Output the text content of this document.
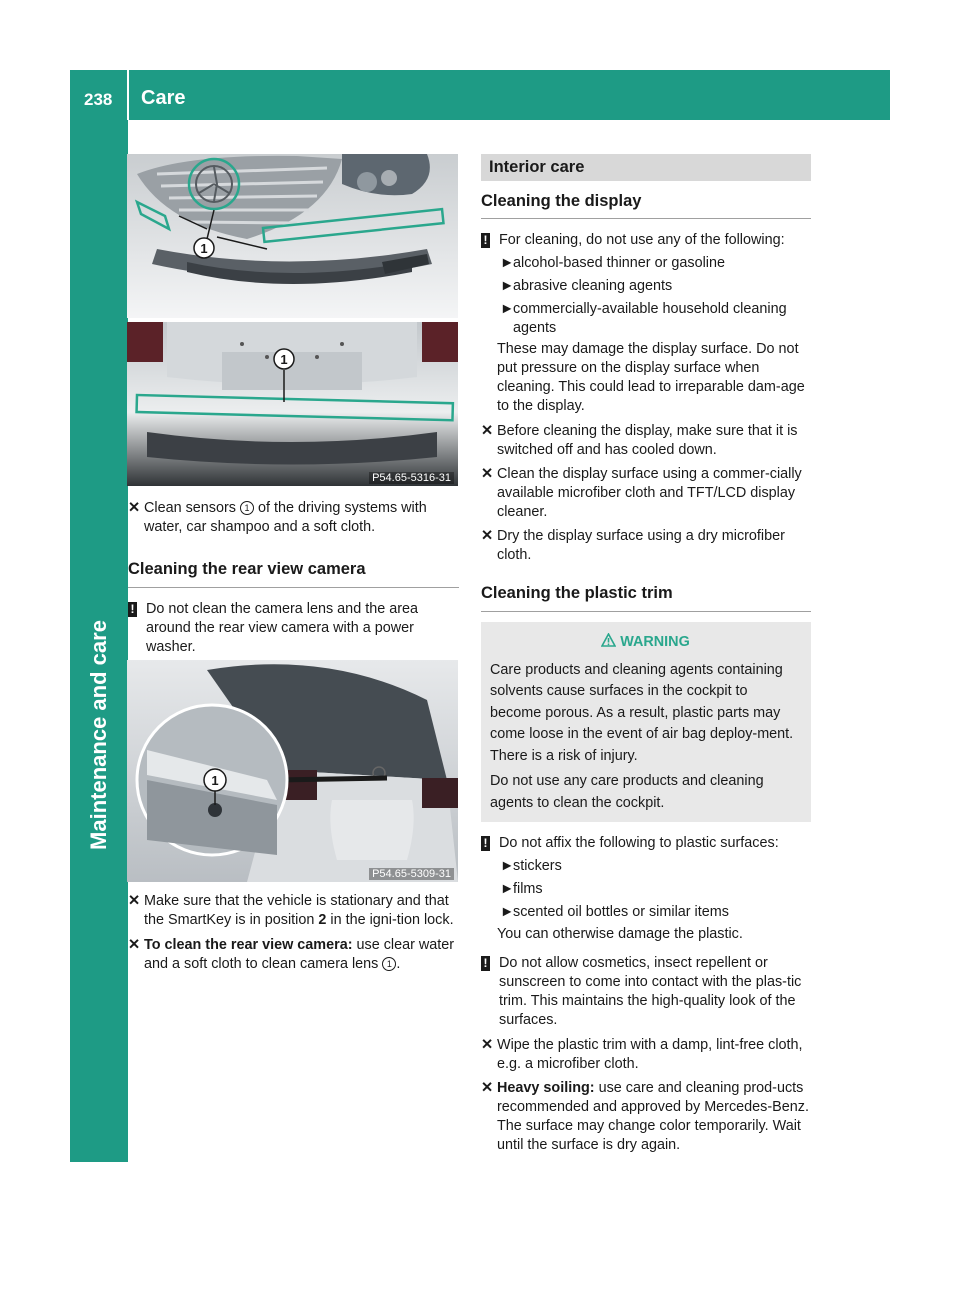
238 Care
Maintenance and care
1
1
P54.65-5316-31
✕ Clean sensors 1 of the driving systems with water, car shampoo and a soft cloth.
Cleaning the rear view camera
! Do not clean the camera lens and the area around the rear view camera with a power washer.
1
P54.65-5309-31
✕ Make sure that the vehicle is stationary and that the SmartKey is in position 2 in the igni-tion lock.
✕ To clean the rear view camera: use clear water and a soft cloth to clean camera lens 1 .
Interior care
Cleaning the display
! For cleaning, do not use any of the following:
►
alcohol-based thinner or gasoline
►
abrasive cleaning agents
►
commercially-available household cleaning agents

These may damage the display surface. Do not put pressure on the display surface when cleaning. This could lead to irreparable dam-age to the display.

✕ Before cleaning the display, make sure that it is switched off and has cooled down.
✕ Clean the display surface using a commer-cially available microfiber cloth and TFT/LCD display cleaner.
✕ Dry the display surface using a dry microfiber cloth.
Cleaning the plastic trim
WARNING

Care products and cleaning agents containing solvents cause surfaces in the cockpit to become porous. As a result, plastic parts may come loose in the event of air bag deploy-ment. There is a risk of injury.

Do not use any care products and cleaning agents to clean the cockpit.

! Do not affix the following to plastic surfaces:
►
stickers
►
films
►
scented oil bottles or similar items

You can otherwise damage the plastic.

! Do not allow cosmetics, insect repellent or sunscreen to come into contact with the plas-tic trim. This maintains the high-quality look of the surfaces.
✕ Wipe the plastic trim with a damp, lint-free cloth, e.g. a microfiber cloth.
✕ Heavy soiling: use care and cleaning prod-ucts recommended and approved by Mercedes-Benz.

The surface may change color temporarily. Wait until the surface is dry again.
